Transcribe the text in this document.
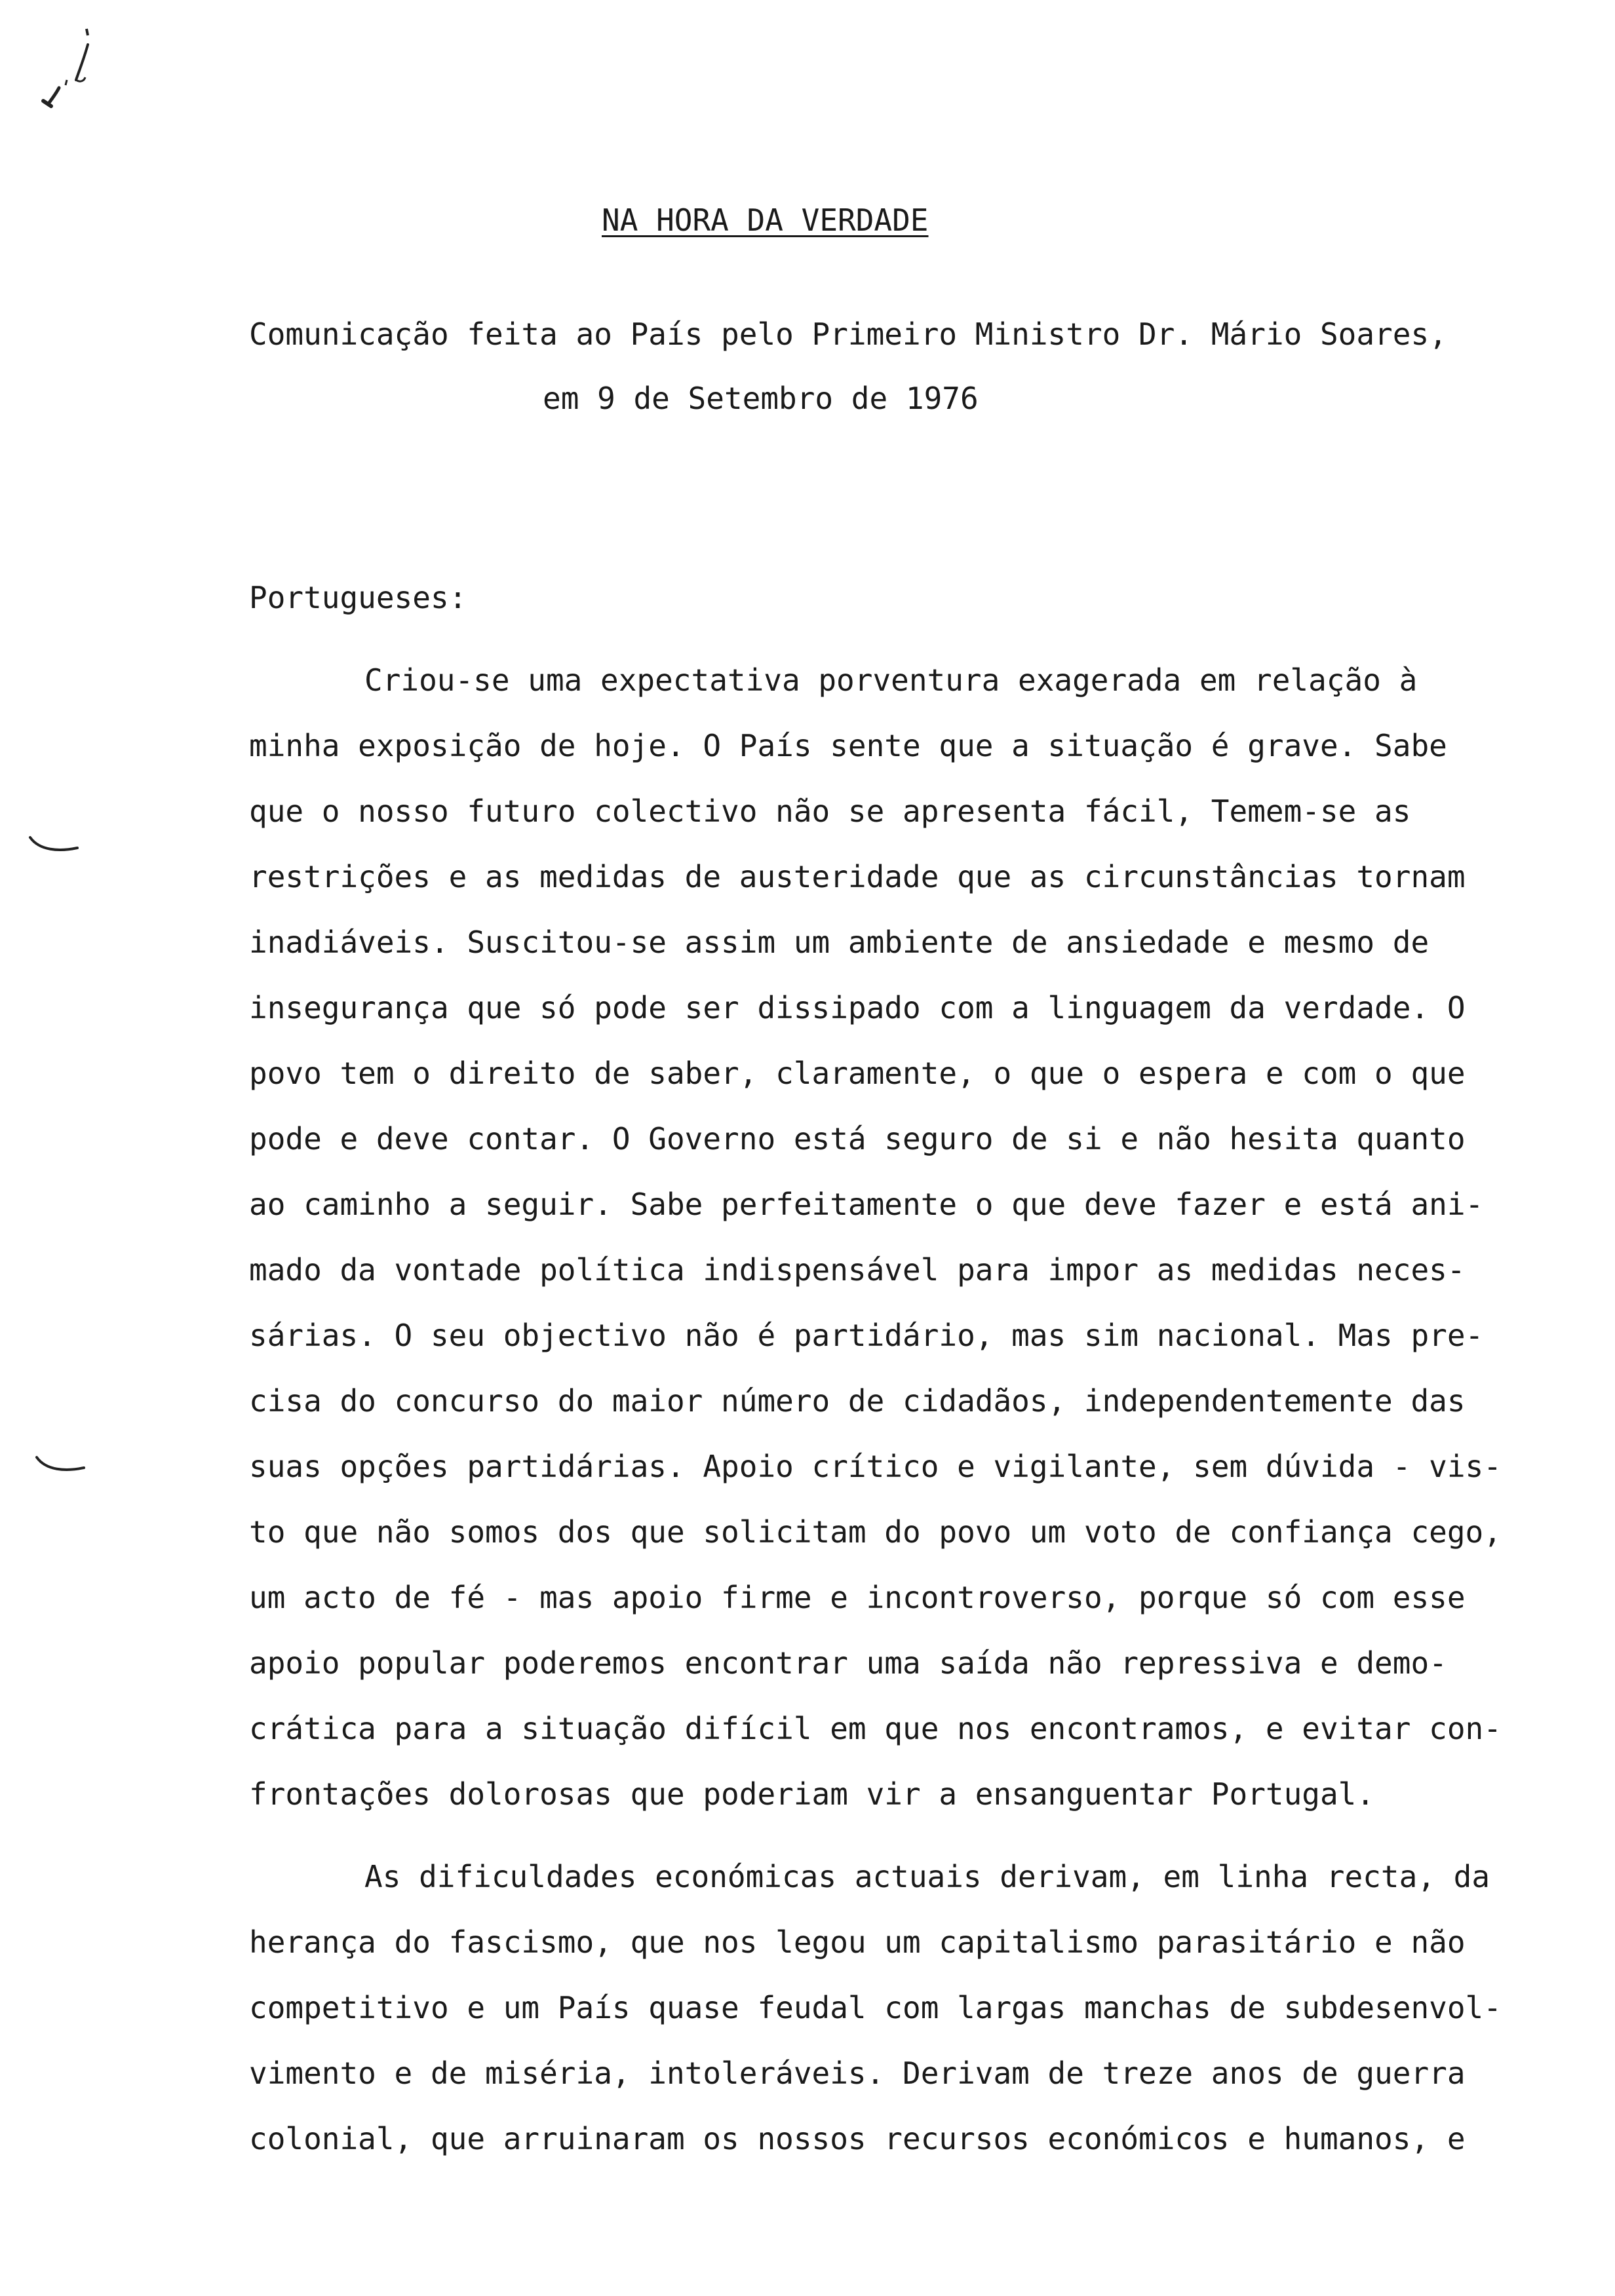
NA HORA DA VERDADE
Comunicação feita ao País pelo Primeiro Ministro Dr. Mário Soares,
em 9 de Setembro de 1976
Portugueses:
Criou-se uma expectativa porventura exagerada em relação à
minha exposição de hoje. O País sente que a situação é grave. Sabe
que o nosso futuro colectivo não se apresenta fácil, Temem-se as
restrições e as medidas de austeridade que as circunstâncias tornam
inadiáveis. Suscitou-se assim um ambiente de ansiedade e mesmo de
insegurança que só pode ser dissipado com a linguagem da verdade. O
povo tem o direito de saber, claramente, o que o espera e com o que
pode e deve contar. O Governo está seguro de si e não hesita quanto
ao caminho a seguir. Sabe perfeitamente o que deve fazer e está ani-
mado da vontade política indispensável para impor as medidas neces-
sárias. O seu objectivo não é partidário, mas sim nacional. Mas pre-
cisa do concurso do maior número de cidadãos, independentemente das
suas opções partidárias. Apoio crítico e vigilante, sem dúvida - vis-
to que não somos dos que solicitam do povo um voto de confiança cego,
um acto de fé - mas apoio firme e incontroverso, porque só com esse
apoio popular poderemos encontrar uma saída não repressiva e demo-
crática para a situação difícil em que nos encontramos, e evitar con-
frontações dolorosas que poderiam vir a ensanguentar Portugal.
As dificuldades económicas actuais derivam, em linha recta, da
herança do fascismo, que nos legou um capitalismo parasitário e não
competitivo e um País quase feudal com largas manchas de subdesenvol-
vimento e de miséria, intoleráveis. Derivam de treze anos de guerra
colonial, que arruinaram os nossos recursos económicos e humanos, e
